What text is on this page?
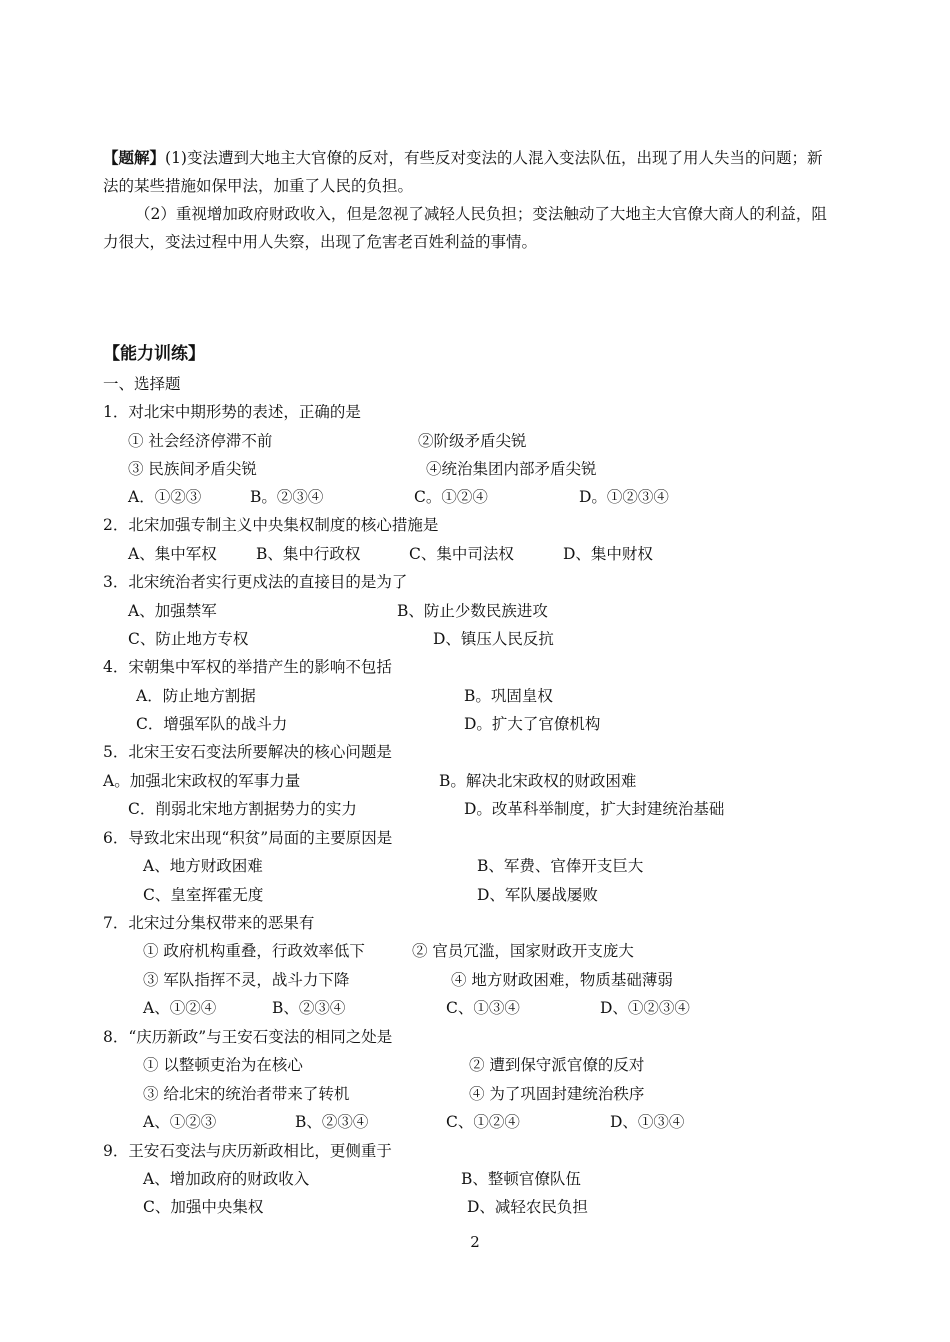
【题解】(1)变法遭到大地主大官僚的反对，有些反对变法的人混入变法队伍，出现了用人失当的问题；新
法的某些措施如保甲法，加重了人民的负担。
（2）重视增加政府财政收入，但是忽视了减轻人民负担；变法触动了大地主大官僚大商人的利益，阻
力很大，变法过程中用人失察，出现了危害老百姓利益的事情。
【能力训练】
一、选择题
1．对北宋中期形势的表述，正确的是
① 社会经济停滞不前	②阶级矛盾尖锐
③ 民族间矛盾尖锐	④统治集团内部矛盾尖锐
A．①②③	B。②③④	C。①②④	D。①②③④
2．北宋加强专制主义中央集权制度的核心措施是
A、集中军权	B、集中行政权	C、集中司法权	D、集中财权
3．北宋统治者实行更戍法的直接目的是为了
A、加强禁军	B、防止少数民族进攻
C、防止地方专权	D、镇压人民反抗
4．宋朝集中军权的举措产生的影响不包括
A．防止地方割据	B。巩固皇权
C．增强军队的战斗力	D。扩大了官僚机构
5．北宋王安石变法所要解决的核心问题是
A。加强北宋政权的军事力量	B。解决北宋政权的财政困难
C．削弱北宋地方割据势力的实力	D。改革科举制度，扩大封建统治基础
6．导致北宋出现“积贫”局面的主要原因是
A、地方财政困难	B、军费、官俸开支巨大
C、皇室挥霍无度	D、军队屡战屡败
7．北宋过分集权带来的恶果有
① 政府机构重叠，行政效率低下	② 官员冗滥，国家财政开支庞大
③ 军队指挥不灵，战斗力下降	④ 地方财政困难，物质基础薄弱
A、①②④	B、②③④	C、①③④	D、①②③④
8．“庆历新政”与王安石变法的相同之处是
① 以整顿吏治为在核心	② 遭到保守派官僚的反对
③ 给北宋的统治者带来了转机	④ 为了巩固封建统治秩序
A、①②③	B、②③④	C、①②④	D、①③④
9．王安石变法与庆历新政相比，更侧重于
A、增加政府的财政收入	B、整顿官僚队伍
C、加强中央集权	D、减轻农民负担
2
